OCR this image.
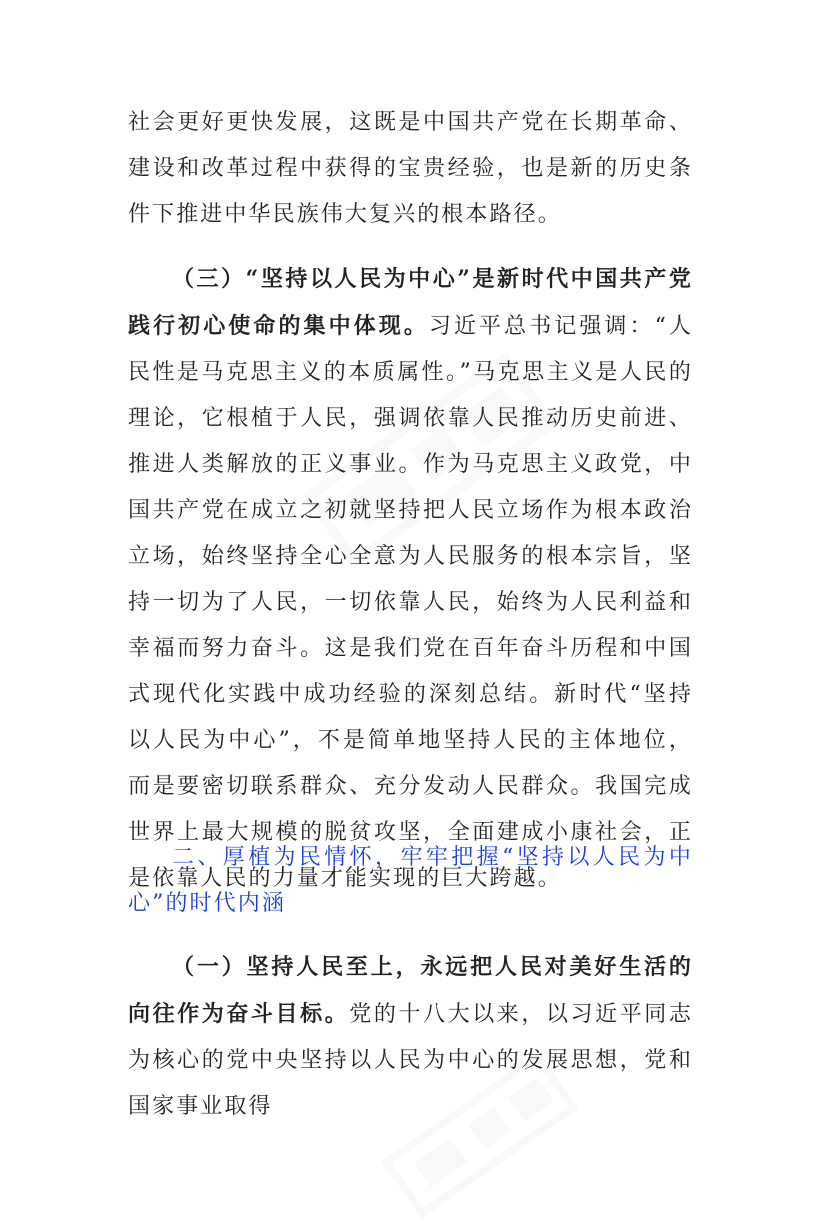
社会更好更快发展，这既是中国共产党在长期革命、建设和改革过程中获得的宝贵经验，也是新的历史条件下推进中华民族伟大复兴的根本路径。

（三）“坚持以人民为中心”是新时代中国共产党践行初心使命的集中体现。习近平总书记强调：“人民性是马克思主义的本质属性。”马克思主义是人民的理论，它根植于人民，强调依靠人民推动历史前进、推进人类解放的正义事业。作为马克思主义政党，中国共产党在成立之初就坚持把人民立场作为根本政治立场，始终坚持全心全意为人民服务的根本宗旨，坚持一切为了人民，一切依靠人民，始终为人民利益和幸福而努力奋斗。这是我们党在百年奋斗历程和中国式现代化实践中成功经验的深刻总结。新时代“坚持以人民为中心”，不是简单地坚持人民的主体地位，而是要密切联系群众、充分发动人民群众。我国完成世界上最大规模的脱贫攻坚，全面建成小康社会，正是依靠人民的力量才能实现的巨大跨越。

二、厚植为民情怀，牢牢把握“坚持以人民为中心”的时代内涵

（一）坚持人民至上，永远把人民对美好生活的向往作为奋斗目标。党的十八大以来，以习近平同志为核心的党中央坚持以人民为中心的发展思想，党和国家事业取得
